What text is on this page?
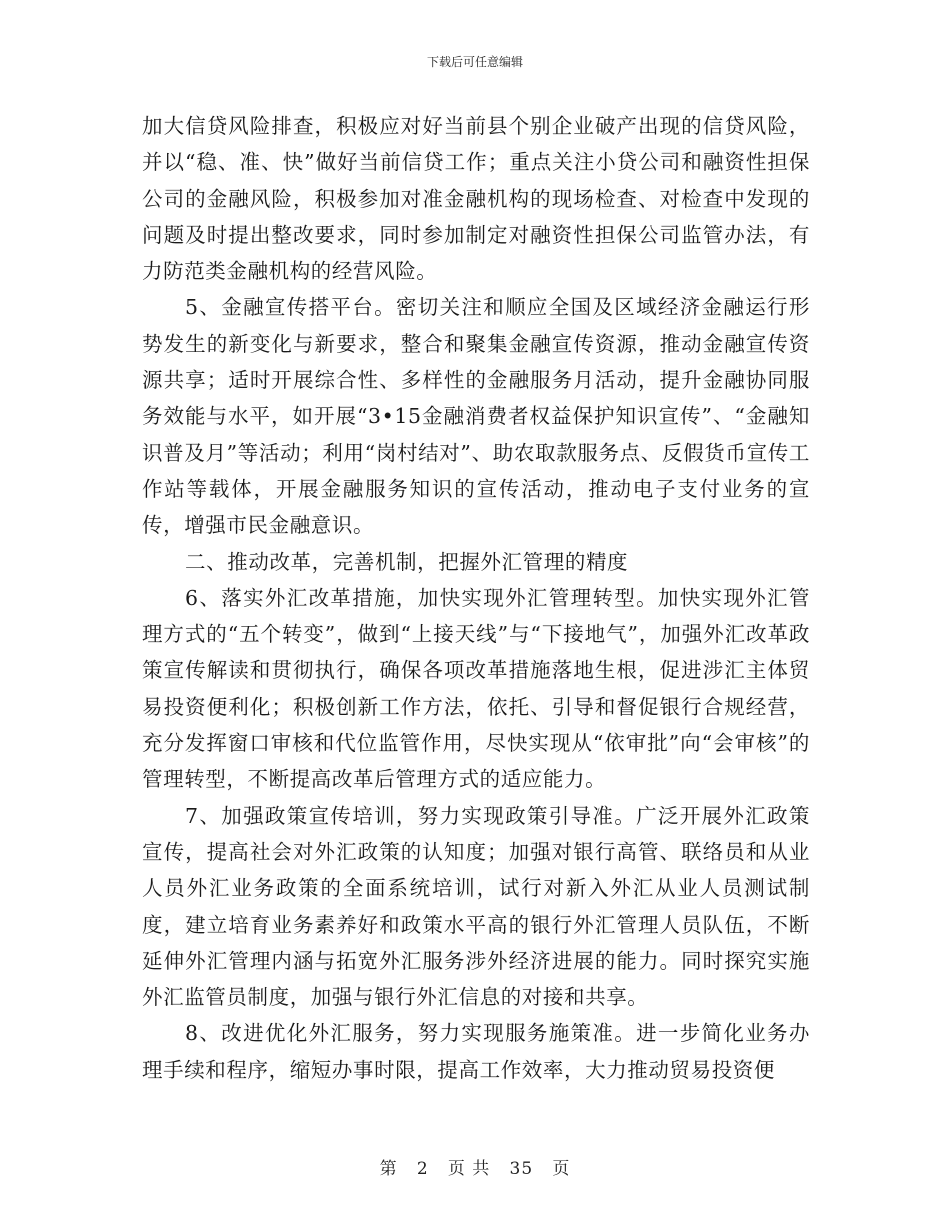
下载后可任意编辑

加大信贷风险排查，积极应对好当前县个别企业破产出现的信贷风险，并以“稳、准、快”做好当前信贷工作；重点关注小贷公司和融资性担保公司的金融风险，积极参加对准金融机构的现场检查、对检查中发现的问题及时提出整改要求，同时参加制定对融资性担保公司监管办法，有力防范类金融机构的经营风险。

5、金融宣传搭平台。密切关注和顺应全国及区域经济金融运行形势发生的新变化与新要求，整合和聚集金融宣传资源，推动金融宣传资源共享；适时开展综合性、多样性的金融服务月活动，提升金融协同服务效能与水平，如开展“3•15金融消费者权益保护知识宣传”、“金融知识普及月”等活动；利用“岗村结对”、助农取款服务点、反假货币宣传工作站等载体，开展金融服务知识的宣传活动，推动电子支付业务的宣传，增强市民金融意识。

二、推动改革，完善机制，把握外汇管理的精度

6、落实外汇改革措施，加快实现外汇管理转型。加快实现外汇管理方式的“五个转变”，做到“上接天线”与“下接地气”，加强外汇改革政策宣传解读和贯彻执行，确保各项改革措施落地生根，促进涉汇主体贸易投资便利化；积极创新工作方法，依托、引导和督促银行合规经营，充分发挥窗口审核和代位监管作用，尽快实现从“依审批”向“会审核”的管理转型，不断提高改革后管理方式的适应能力。

7、加强政策宣传培训，努力实现政策引导准。广泛开展外汇政策宣传，提高社会对外汇政策的认知度；加强对银行高管、联络员和从业人员外汇业务政策的全面系统培训，试行对新入外汇从业人员测试制度，建立培育业务素养好和政策水平高的银行外汇管理人员队伍，不断延伸外汇管理内涵与拓宽外汇服务涉外经济进展的能力。同时探究实施外汇监管员制度，加强与银行外汇信息的对接和共享。

8、改进优化外汇服务，努力实现服务施策准。进一步简化业务办理手续和程序，缩短办事时限，提高工作效率，大力推动贸易投资便

第 2 页 共 35 页
